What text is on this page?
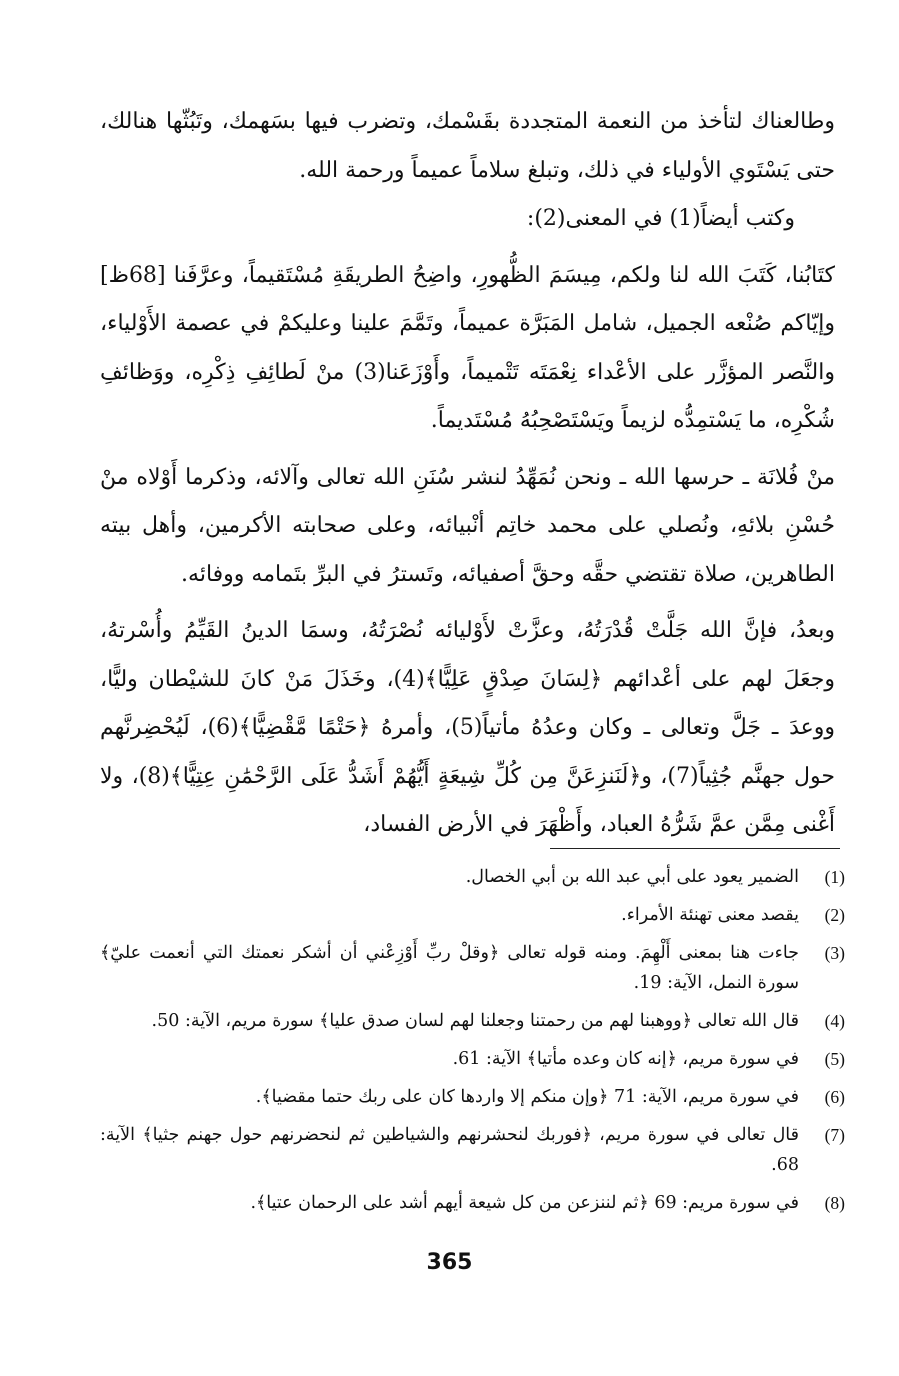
وطالعناك لتأخذ من النعمة المتجددة بقَسْمك، وتضرب فيها بسَهمك، وتَبُثّها هنالك، حتى يَسْتَوي الأولياء في ذلك، وتبلغ سلاماً عميماً ورحمة الله.

وكتب أيضاً(1) في المعنى(2):

كتَابُنا، كَتَبَ الله لنا ولكم، مِيسَمَ الظُّهورِ، واضِحُ الطريقَةِ مُسْتَقيماً، وعرَّفَنا [68ظ] وإيّاكم صُنْعه الجميل، شامل المَبَرَّة عميماً، وتَمَّمَ علينا وعليكمْ في عصمة الأَوْلياء، والنَّصر المؤزَّر على الأعْداء نِعْمَتَه تَتْميماً، وأَوْزَعَنا(3) منْ لَطائِفِ ذِكْرِه، ووَظائفِ شُكْرِه، ما يَسْتمِدُّه لزيماً ويَسْتَصْحِبُهُ مُسْتَديماً.

منْ فُلانَة ـ حرسها الله ـ ونحن نُمَهِّدُ لنشر سُنَنِ الله تعالى وآلائه، وذكرما أَوْلاه منْ حُسْنِ بلائهِ، ونُصلي على محمد خاتِم أنْبيائه، وعلى صحابته الأكرمين، وأهل بيته الطاهرين، صلاة تقتضي حقَّه وحقَّ أصفيائه، وتَسترُ في البرِّ بتَمامه ووفائه.

وبعدُ، فإنَّ الله جَلَّتْ قُدْرَتُهُ، وعزَّتْ لأَوْليائه نُصْرَتُهُ، وسمَا الدينُ القَيِّمُ وأُسْرتهُ، وجعَلَ لهم على أعْدائهم ﴿لِسَانَ صِدْقٍ عَلِيًّا﴾(4)، وخَذَلَ مَنْ كانَ للشيْطان وليًّا، ووعدَ ـ جَلَّ وتعالى ـ وكان وعدُهُ مأتياً(5)، وأمرهُ ﴿حَتْمًا مَّقْضِيًّا﴾(6)، لَيُحْضِرنَّهم حول جهنَّم جُثِياً(7)، و﴿لَنَنزِعَنَّ مِن كُلِّ شِيعَةٍ أَيُّهُمْ أَشَدُّ عَلَى الرَّحْمَٰنِ عِتِيًّا﴾(8)، ولا أَغْنى مِمَّن عمَّ شَرُّهُ العباد، وأَظْهَرَ في الأرض الفساد،

(1)
الضمير يعود على أبي عبد الله بن أبي الخصال.
(2)
يقصد معنى تهنئة الأمراء.
(3)
جاءت هنا بمعنى أَلْهِمَ. ومنه قوله تعالى ﴿وقلْ ربِّ أَوْزِعْني أن أشكر نعمتك التي أنعمت عليّ﴾ سورة النمل، الآية: 19.
(4)
قال الله تعالى ﴿ووهبنا لهم من رحمتنا وجعلنا لهم لسان صدق عليا﴾ سورة مريم، الآية: 50.
(5)
في سورة مريم، ﴿إنه كان وعده مأتيا﴾ الآية: 61.
(6)
في سورة مريم، الآية: 71 ﴿وإن منكم إلا واردها كان على ربك حتما مقضيا﴾.
(7)
قال تعالى في سورة مريم، ﴿فوربك لنحشرنهم والشياطين ثم لنحضرنهم حول جهنم جثيا﴾ الآية: 68.
(8)
في سورة مريم: 69 ﴿ثم لننزعن من كل شيعة أيهم أشد على الرحمان عتيا﴾.
365
